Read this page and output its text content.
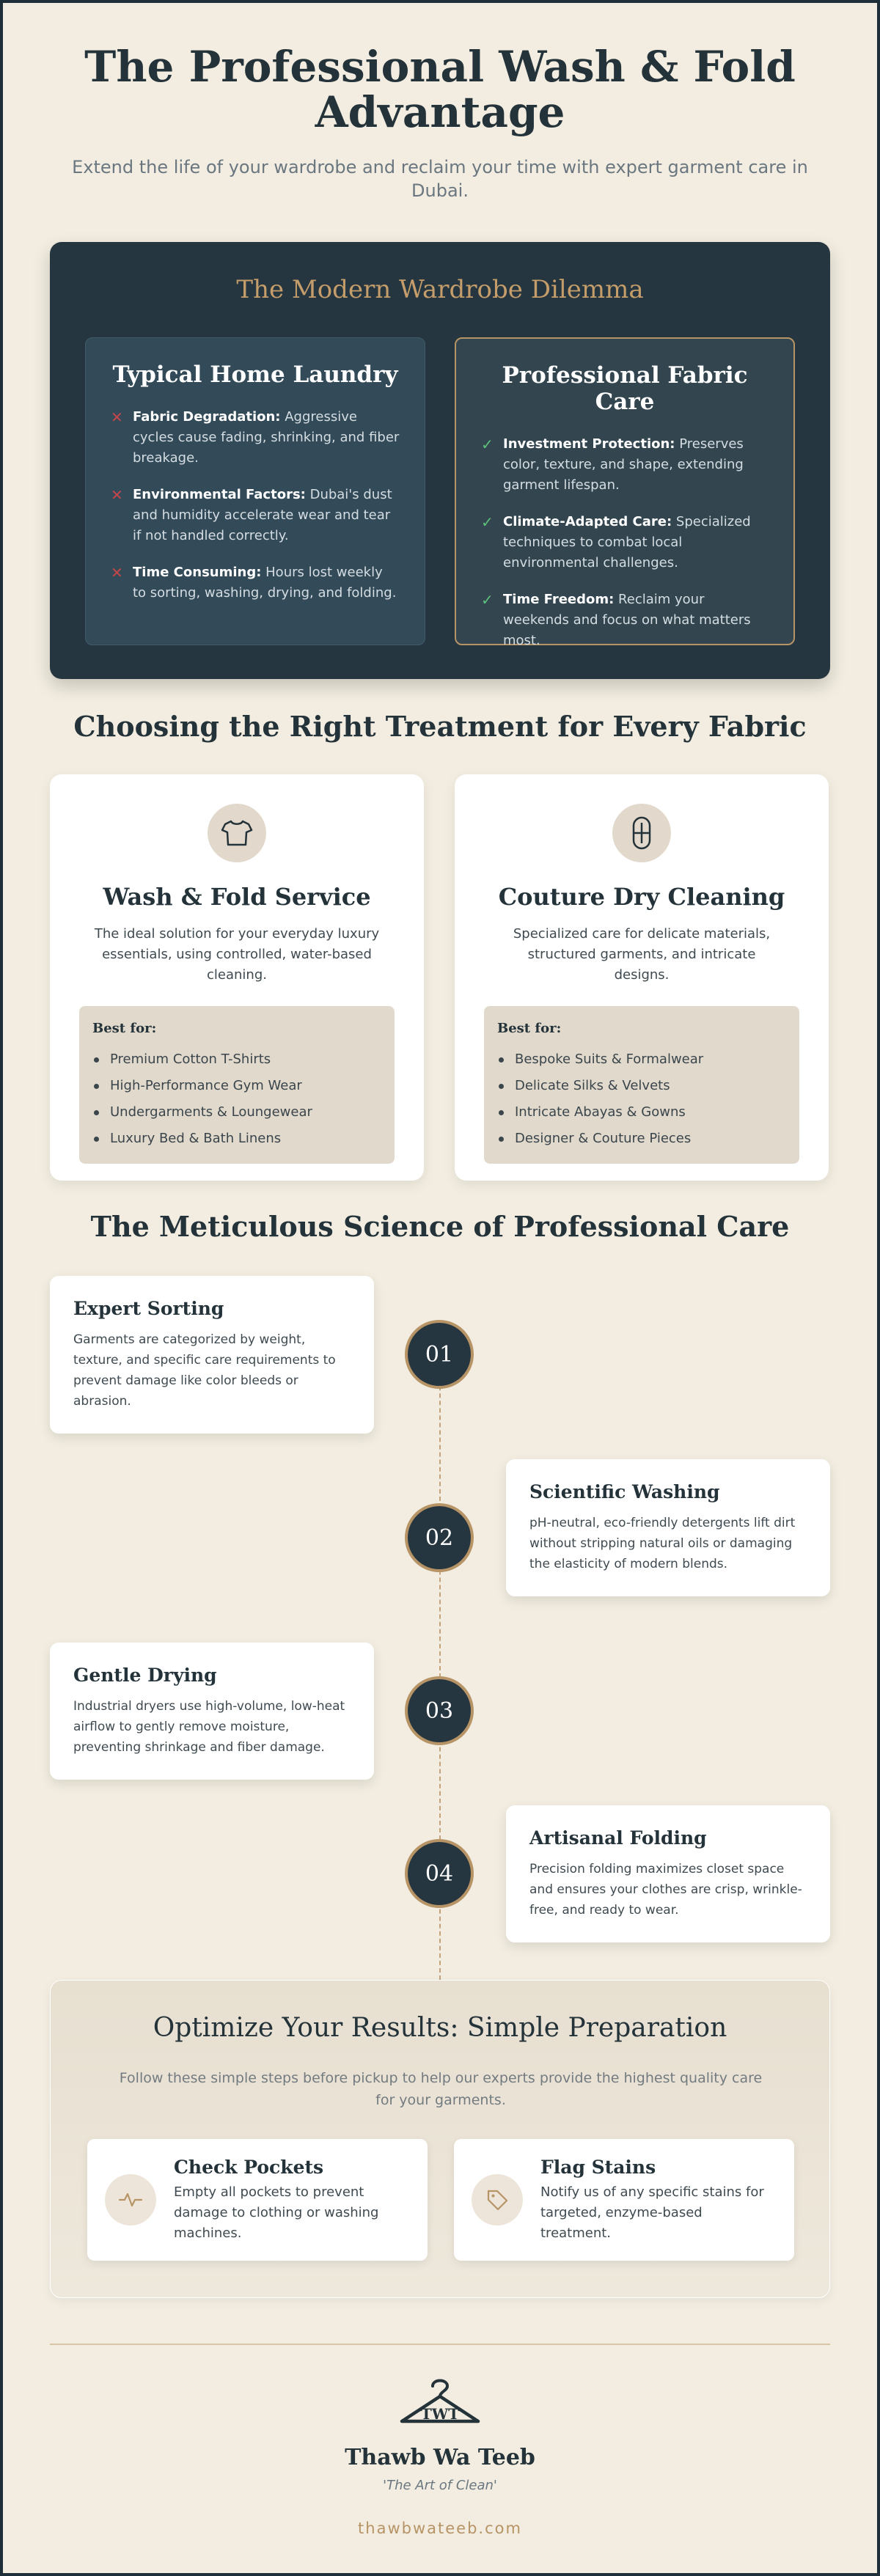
The Professional Wash & Fold Advantage

Extend the life of your wardrobe and reclaim your time with expert garment care in Dubai.

The Modern Wardrobe Dilemma
Typical Home Laundry
✕ Fabric Degradation: Aggressive cycles cause fading, shrinking, and fiber breakage.
✕ Environmental Factors: Dubai's dust and humidity accelerate wear and tear if not handled correctly.
✕ Time Consuming: Hours lost weekly to sorting, washing, drying, and folding.
Professional Fabric Care
✓ Investment Protection: Preserves color, texture, and shape, extending garment lifespan.
✓ Climate-Adapted Care: Specialized techniques to combat local environmental challenges.
✓ Time Freedom: Reclaim your weekends and focus on what matters most.
Choosing the Right Treatment for Every Fabric
Wash & Fold Service

The ideal solution for your everyday luxury essentials, using controlled, water-based cleaning.

Best for:
Premium Cotton T-Shirts
High-Performance Gym Wear
Undergarments & Loungewear
Luxury Bed & Bath Linens
Couture Dry Cleaning

Specialized care for delicate materials, structured garments, and intricate designs.

Best for:
Bespoke Suits & Formalwear
Delicate Silks & Velvets
Intricate Abayas & Gowns
Designer & Couture Pieces
The Meticulous Science of Professional Care
Expert Sorting

Garments are categorized by weight, texture, and specific care requirements to prevent damage like color bleeds or abrasion.

01
Scientific Washing

pH-neutral, eco-friendly detergents lift dirt without stripping natural oils or damaging the elasticity of modern blends.

02
Gentle Drying

Industrial dryers use high-volume, low-heat airflow to gently remove moisture, preventing shrinkage and fiber damage.

03
Artisanal Folding

Precision folding maximizes closet space and ensures your clothes are crisp, wrinkle-free, and ready to wear.

04
Optimize Your Results: Simple Preparation

Follow these simple steps before pickup to help our experts provide the highest quality care for your garments.

Check Pockets
Empty all pockets to prevent damage to clothing or washing machines.
Flag Stains
Notify us of any specific stains for targeted, enzyme-based treatment.
TWT
Thawb Wa Teeb
'The Art of Clean'
thawbwateeb.com
